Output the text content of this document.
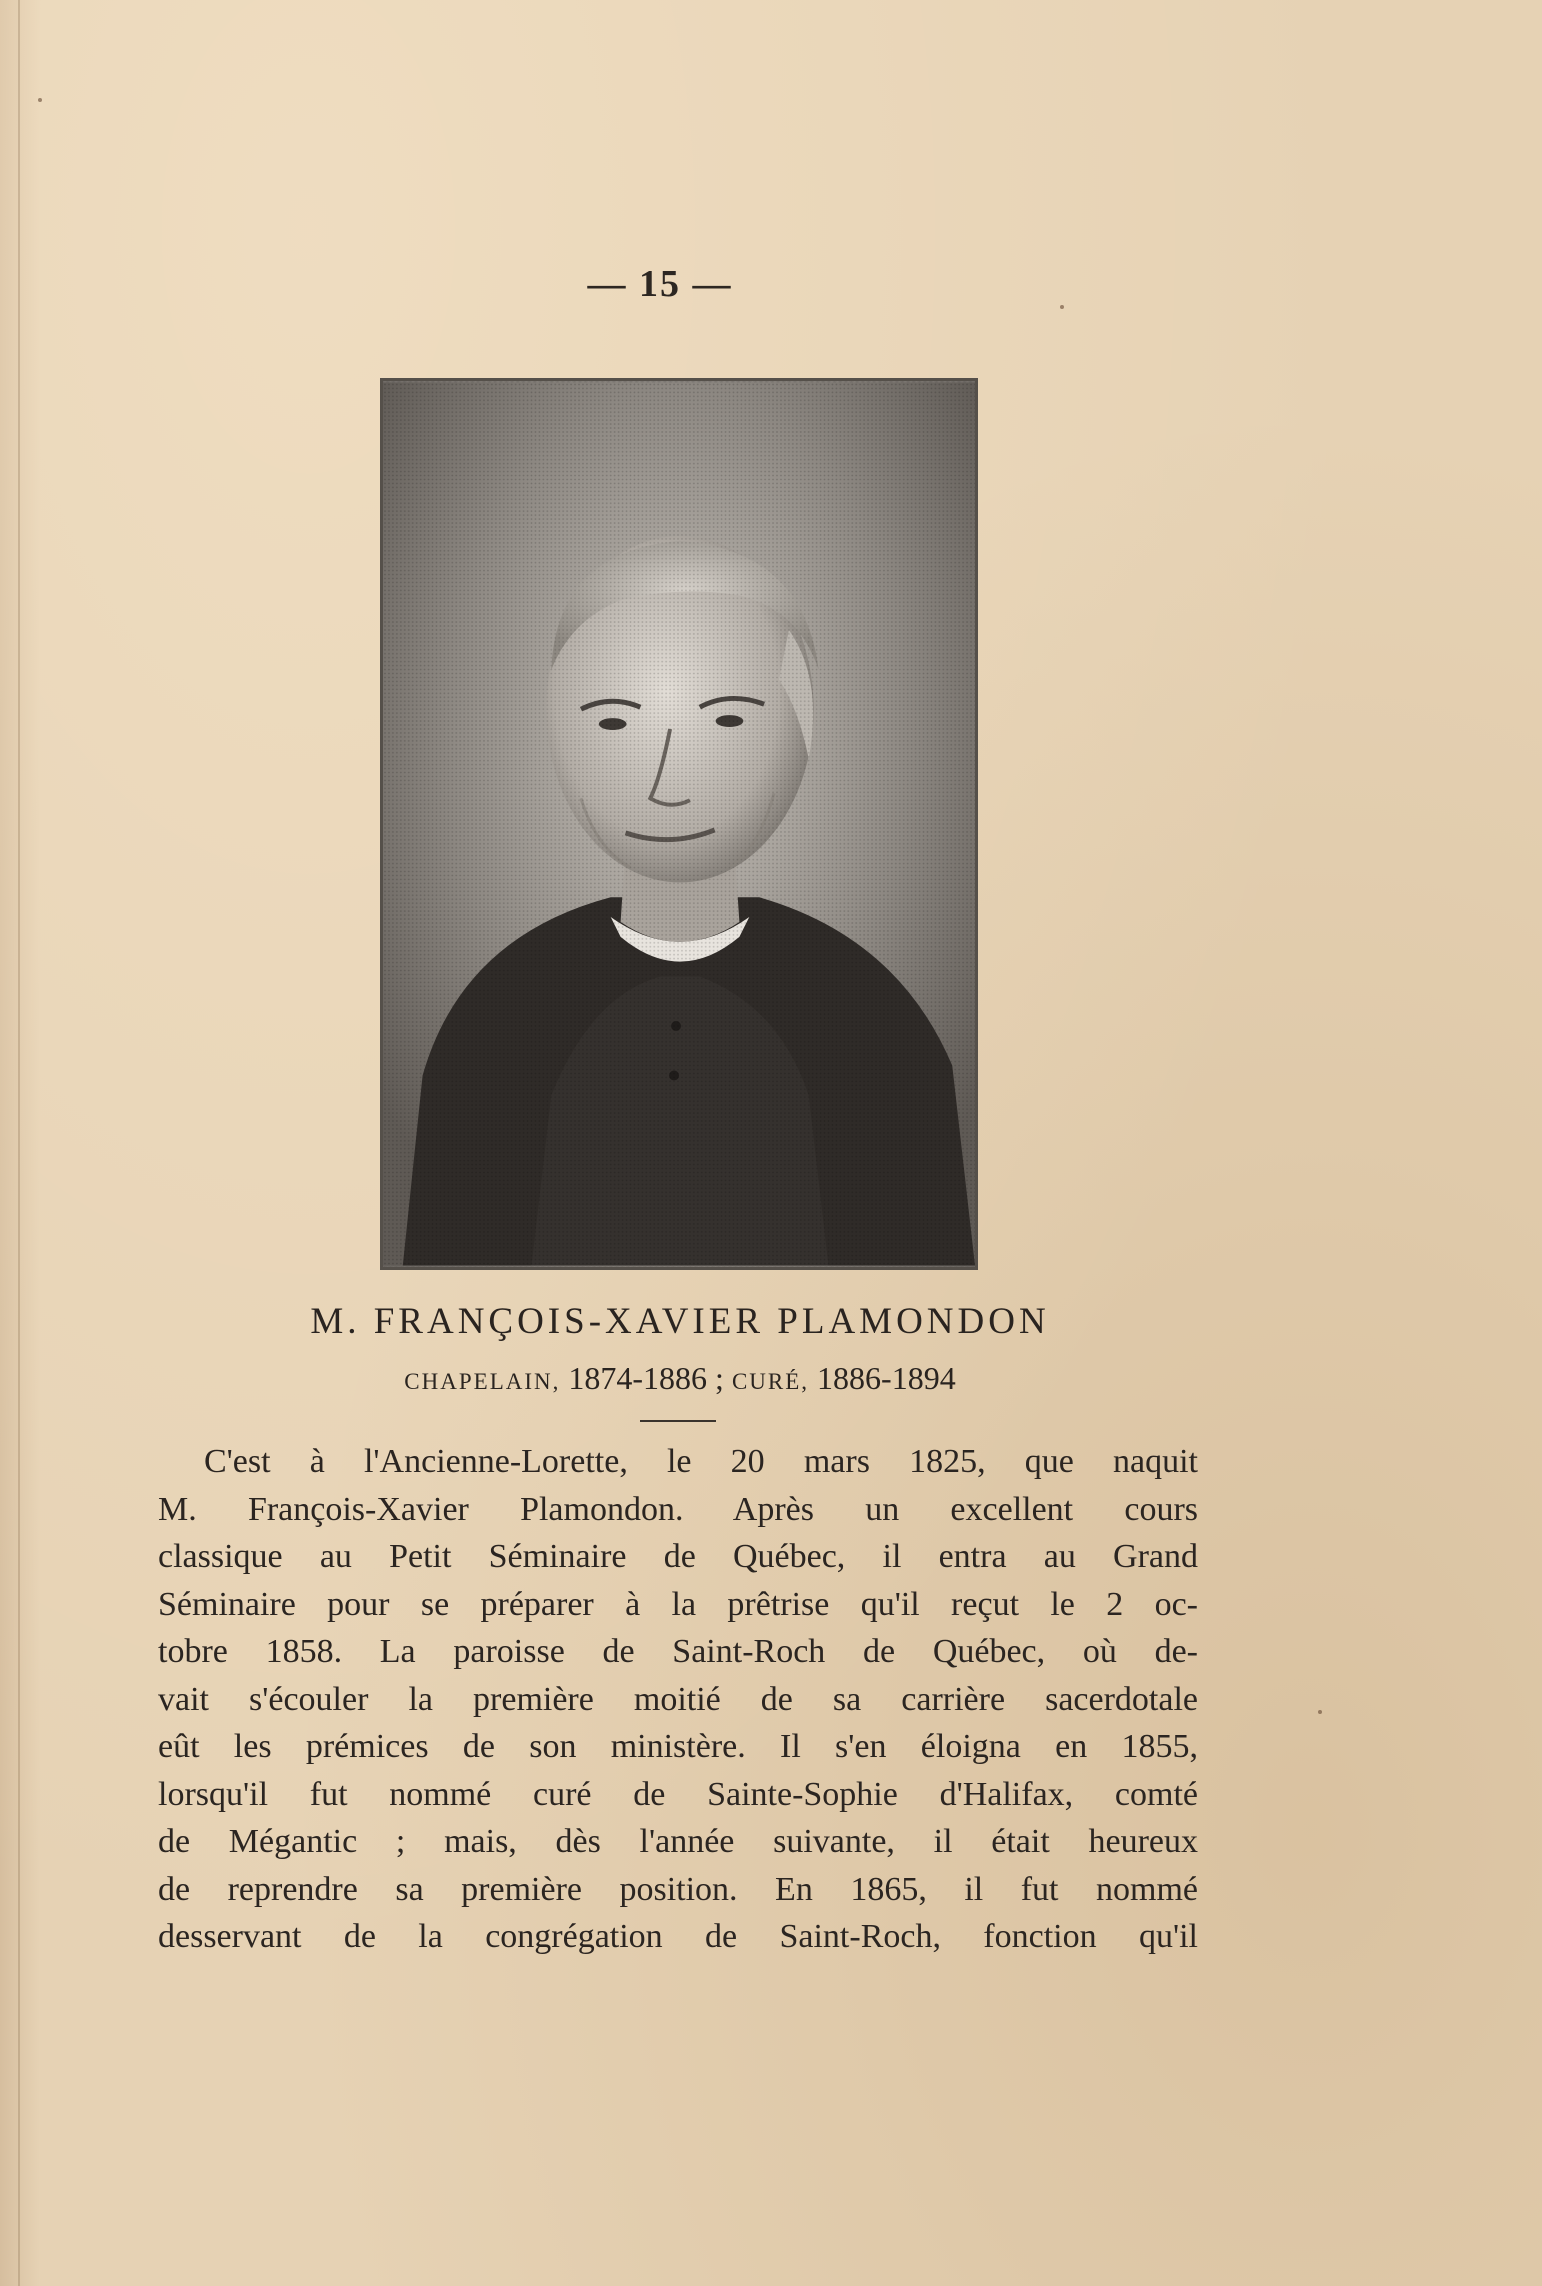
— 15 —
M. FRANÇOIS-XAVIER PLAMONDON
CHAPELAIN, 1874-1886 ; CURÉ, 1886-1894
C'est à l'Ancienne-Lorette, le 20 mars 1825, que naquit
M. François-Xavier Plamondon. Après un excellent cours
classique au Petit Séminaire de Québec, il entra au Grand
Séminaire pour se préparer à la prêtrise qu'il reçut le 2 oc-
tobre 1858. La paroisse de Saint-Roch de Québec, où de-
vait s'écouler la première moitié de sa carrière sacerdotale
eût les prémices de son ministère. Il s'en éloigna en 1855,
lorsqu'il fut nommé curé de Sainte-Sophie d'Halifax, comté
de Mégantic ; mais, dès l'année suivante, il était heureux
de reprendre sa première position. En 1865, il fut nommé
desservant de la congrégation de Saint-Roch, fonction qu'il
